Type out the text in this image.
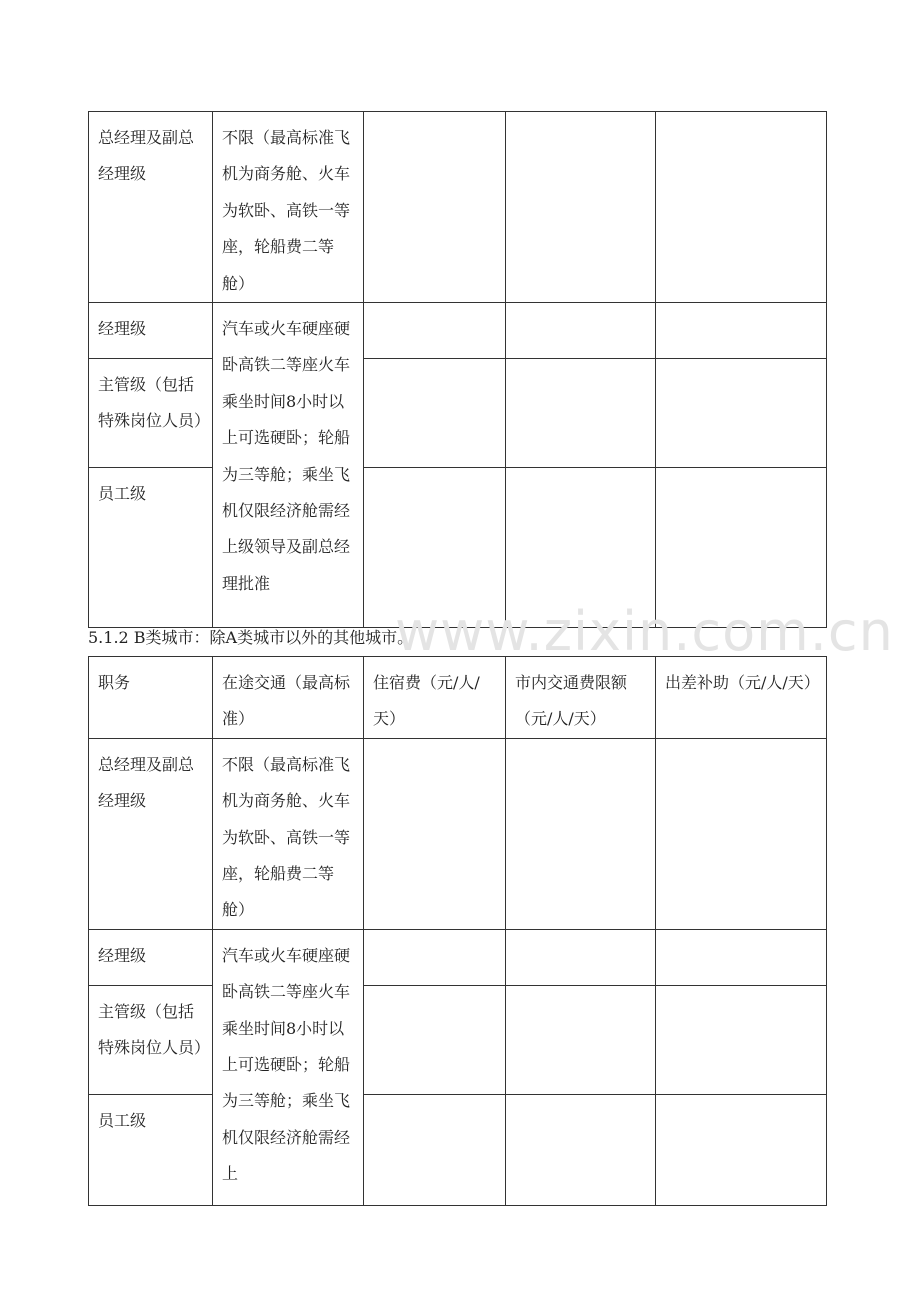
总经理及副总经理级	不限（最高标准飞机为商务舱、火车为软卧、高铁一等座，轮船费二等舱）			
经理级	汽车或火车硬座硬卧高铁二等座火车乘坐时间8小时以上可选硬卧；轮船为三等舱；乘坐飞机仅限经济舱需经上级领导及副总经理批准			
主管级（包括特殊岗位人员）				
员工级				
5.1.2 B类城市：除A类城市以外的其他城市。
www.zixin.com.cn
职务	在途交通（最高标准）	住宿费（元/人/天）	市内交通费限额（元/人/天）	出差补助（元/人/天）
总经理及副总经理级	不限（最高标准飞机为商务舱、火车为软卧、高铁一等座，轮船费二等舱）			
经理级	汽车或火车硬座硬卧高铁二等座火车乘坐时间8小时以上可选硬卧；轮船为三等舱；乘坐飞机仅限经济舱需经上			
主管级（包括特殊岗位人员）				
员工级				
